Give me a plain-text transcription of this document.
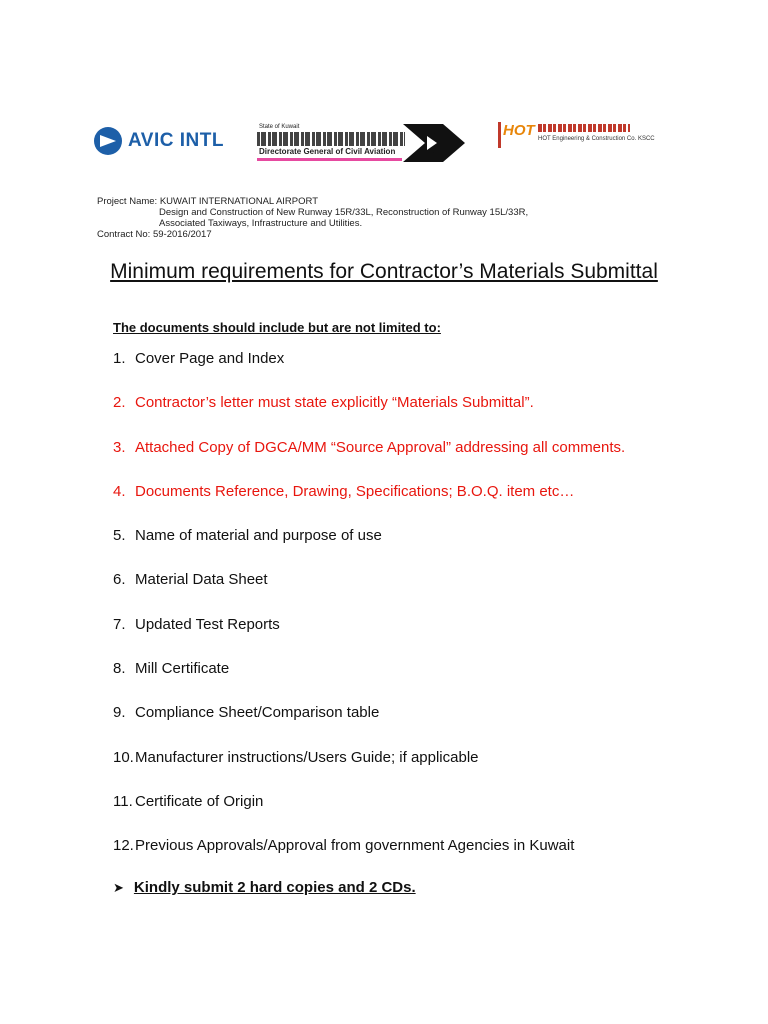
AVIC INTL
State of Kuwait
Directorate General of Civil Aviation
HOT HOT Engineering & Construction Co. KSCC
Project Name: KUWAIT INTERNATIONAL AIRPORT
Design and Construction of New Runway 15R/33L, Reconstruction of Runway 15L/33R,
Associated Taxiways, Infrastructure and Utilities.
Contract No: 59-2016/2017
Minimum requirements for Contractor’s Materials Submittal
The documents should include but are not limited to:
1. Cover Page and Index
2. Contractor’s letter must state explicitly “Materials Submittal”.
3. Attached Copy of DGCA/MM “Source Approval” addressing all comments.
4. Documents Reference, Drawing, Specifications; B.O.Q. item etc…
5. Name of material and purpose of use
6. Material Data Sheet
7. Updated Test Reports
8. Mill Certificate
9. Compliance Sheet/Comparison table
10. Manufacturer instructions/Users Guide; if applicable
11. Certificate of Origin
12. Previous Approvals/Approval from government Agencies in Kuwait
➤ Kindly submit 2 hard copies and 2 CDs.
